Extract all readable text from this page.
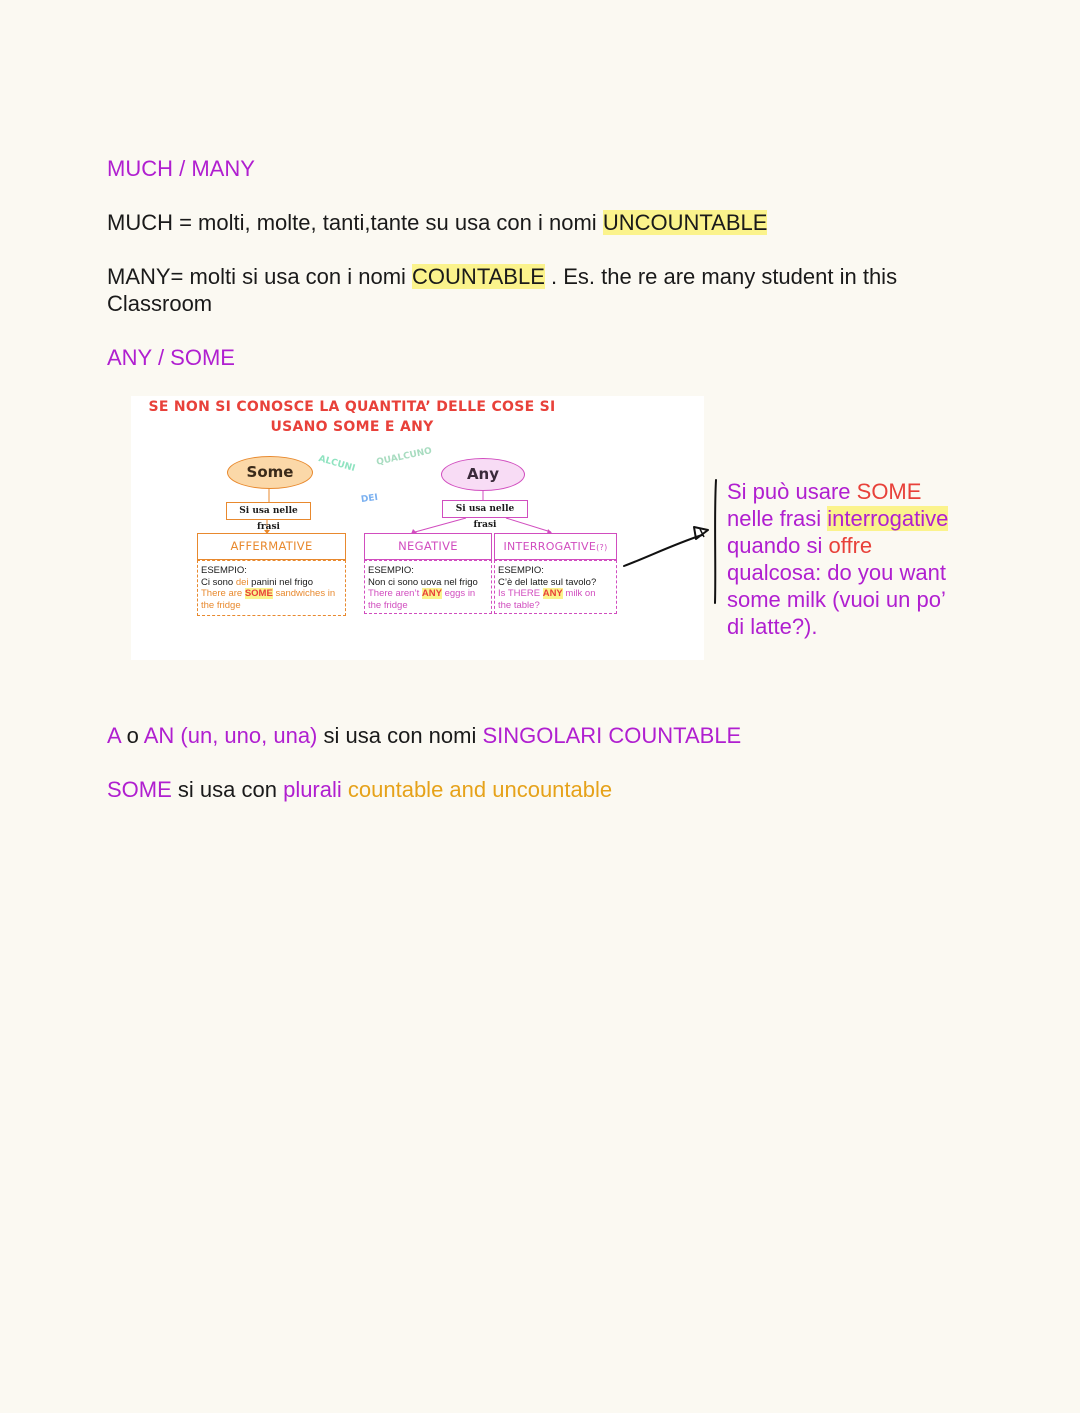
MUCH / MANY
MUCH = molti, molte, tanti,tante su usa con i nomi UNCOUNTABLE
MANY= molti si usa con i nomi COUNTABLE . Es. the re are many student in this
Classroom
ANY / SOME
SE NON SI CONOSCE LA QUANTITA’ DELLE COSE SI
USANO SOME E ANY
Some	Any
ALCUNI QUALCUNO
DEI
Si usa nelle frasi
Si usa nelle frasi
AFFERMATIVE
ESEMPIO:
Ci sono dei panini nel frigo
There are SOME sandwiches in
the fridge
NEGATIVE
ESEMPIO:
Non ci sono uova nel frigo
There aren’t ANY eggs in
the fridge
INTERROGATIVE(?)
ESEMPIO:
C’è del latte sul tavolo?
Is THERE ANY milk on
the table?
Si può usare SOME
nelle frasi interrogative
quando si offre
qualcosa: do you want
some milk (vuoi un po’
di latte?).
A o AN (un, uno, una) si usa con nomi SINGOLARI COUNTABLE
SOME si usa con plurali countable and uncountable
